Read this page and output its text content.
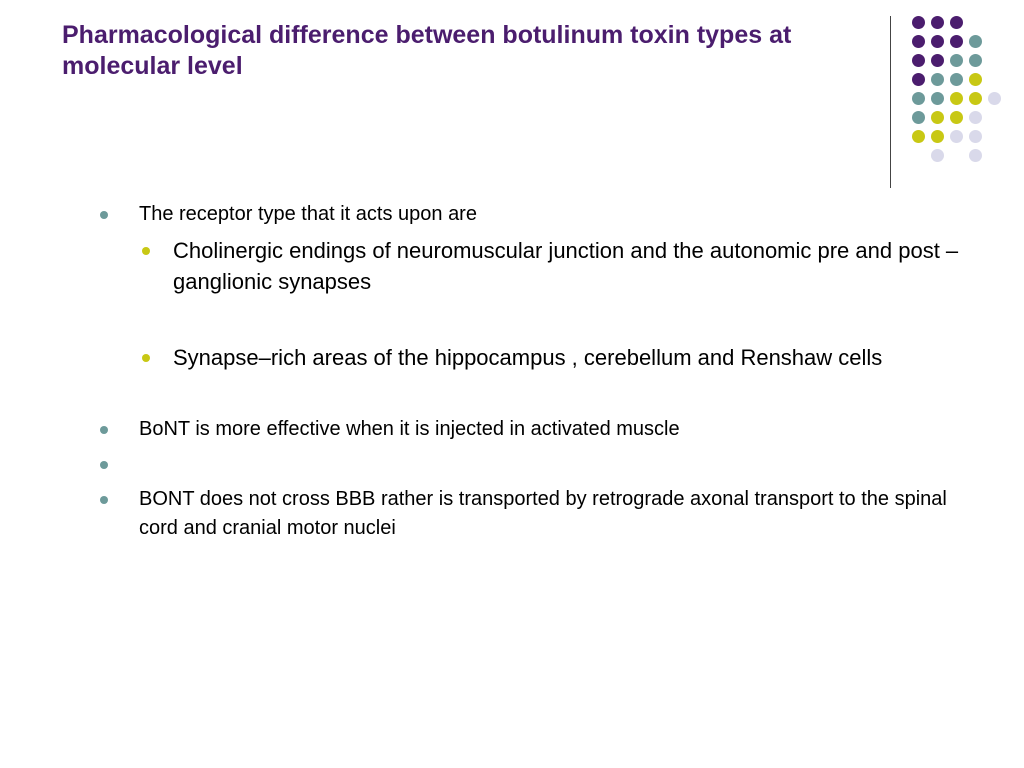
Pharmacological difference between botulinum toxin types at molecular level
The receptor type that it acts upon are
Cholinergic endings of neuromuscular junction and the autonomic pre and post –ganglionic synapses
Synapse–rich areas of the hippocampus , cerebellum and Renshaw cells
BoNT is more effective when it is injected in activated muscle
BONT does not cross BBB rather is transported by retrograde axonal transport to the spinal cord and cranial motor nuclei
